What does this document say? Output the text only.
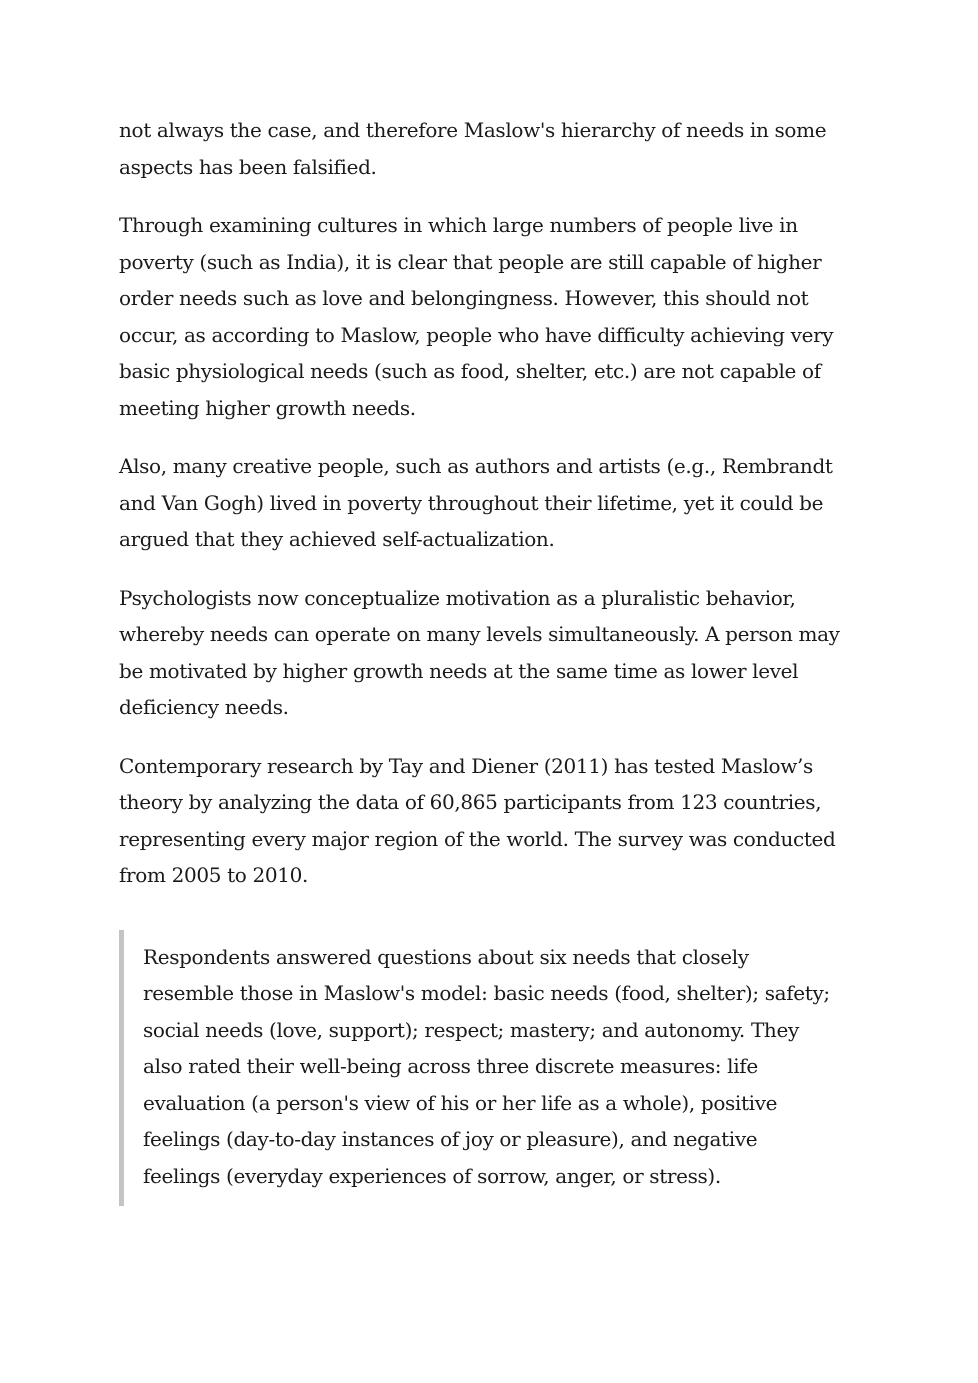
not always the case, and therefore Maslow's hierarchy of needs in some aspects has been falsified.

Through examining cultures in which large numbers of people live in poverty (such as India), it is clear that people are still capable of higher order needs such as love and belongingness. However, this should not occur, as according to Maslow, people who have difficulty achieving very basic physiological needs (such as food, shelter, etc.) are not capable of meeting higher growth needs.

Also, many creative people, such as authors and artists (e.g., Rembrandt and Van Gogh) lived in poverty throughout their lifetime, yet it could be argued that they achieved self-actualization.

Psychologists now conceptualize motivation as a pluralistic behavior, whereby needs can operate on many levels simultaneously. A person may be motivated by higher growth needs at the same time as lower level deficiency needs.

Contemporary research by Tay and Diener (2011) has tested Maslow’s theory by analyzing the data of 60,865 participants from 123 countries, representing every major region of the world. The survey was conducted from 2005 to 2010.

Respondents answered questions about six needs that closely resemble those in Maslow's model: basic needs (food, shelter); safety; social needs (love, support); respect; mastery; and autonomy. They also rated their well-being across three discrete measures: life evaluation (a person's view of his or her life as a whole), positive feelings (day-to-day instances of joy or pleasure), and negative feelings (everyday experiences of sorrow, anger, or stress).
